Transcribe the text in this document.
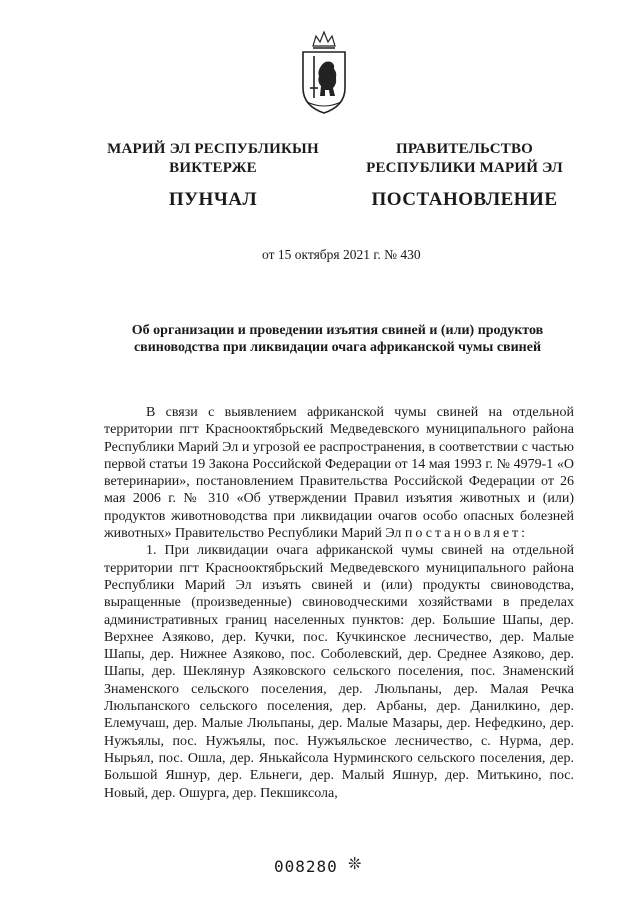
МАРИЙ ЭЛ РЕСПУБЛИКЫН
ВИКТЕРЖЕ
ПУНЧАЛ
ПРАВИТЕЛЬСТВО
РЕСПУБЛИКИ МАРИЙ ЭЛ
ПОСТАНОВЛЕНИЕ
от 15 октября 2021 г. № 430
Об организации и проведении изъятия свиней и (или) продуктов свиноводства при ликвидации очага африканской чумы свиней

В связи с выявлением африканской чумы свиней на отдельной территории пгт Краснооктябрьский Медведевского муниципального района Республики Марий Эл и угрозой ее распространения, в соответствии с частью первой статьи 19 Закона Российской Федерации от 14 мая 1993 г. № 4979-1 «О ветеринарии», постановлением Правительства Российской Федерации от 26 мая 2006 г. № 310 «Об утверждении Правил изъятия животных и (или) продуктов животноводства при ликвидации очагов особо опасных болезней животных» Правительство Республики Марий Эл постановляет:

1. При ликвидации очага африканской чумы свиней на отдельной территории пгт Краснооктябрьский Медведевского муниципального района Республики Марий Эл изъять свиней и (или) продукты свиноводства, выращенные (произведенные) свиноводческими хозяйствами в пределах административных границ населенных пунктов: дер. Большие Шапы, дер. Верхнее Азяково, дер. Кучки, пос. Кучкинское лесничество, дер. Малые Шапы, дер. Нижнее Азяково, пос. Соболевский, дер. Среднее Азяково, дер. Шапы, дер. Шеклянур Азяковского сельского поселения, пос. Знаменский Знаменского сельского поселения, дер. Люльпаны, дер. Малая Речка Люльпанского сельского поселения, дер. Арбаны, дер. Данилкино, дер. Елемучаш, дер. Малые Люльпаны, дер. Малые Мазары, дер. Нефедкино, дер. Нужъялы, пос. Нужъялы, пос. Нужъяльское лесничество, с. Нурма, дер. Нырьял, пос. Ошла, дер. Янькайсола Нурминского сельского поселения, дер. Большой Яшнур, дер. Ельнеги, дер. Малый Яшнур, дер. Митькино, пос. Новый, дер. Ошурга, дер. Пекшиксола,

008280 ❊
